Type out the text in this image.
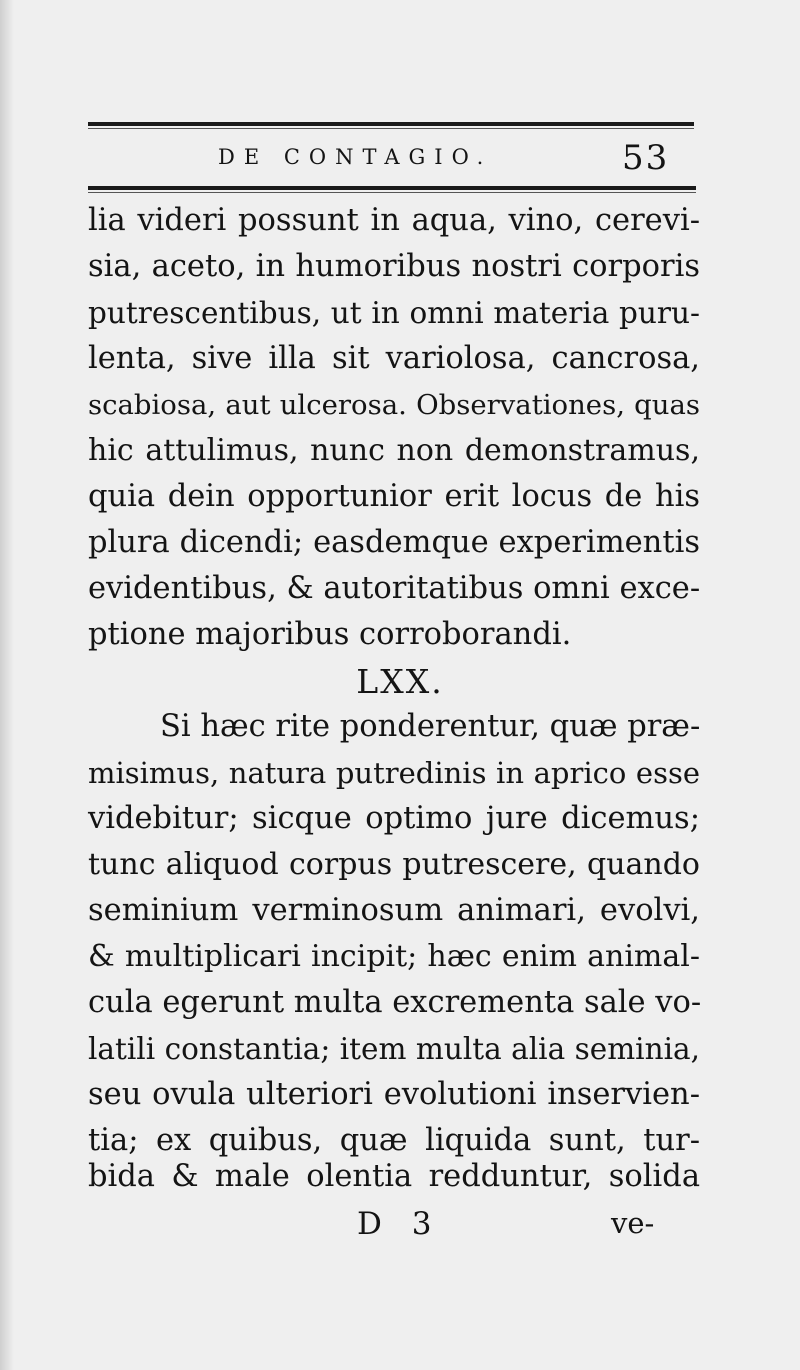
DE CONTAGIO.	53
lia videri possunt in aqua, vino, cerevi-
sia, aceto, in humoribus nostri corporis
putrescentibus, ut in omni materia puru-
lenta, sive illa sit variolosa, cancrosa,
scabiosa, aut ulcerosa. Observationes, quas
hic attulimus, nunc non demonstramus,
quia dein opportunior erit locus de his
plura dicendi; easdemque experimentis
evidentibus, & autoritatibus omni exce-
ptione majoribus corroborandi.
LXX.
Si hæc rite ponderentur, quæ præ-
misimus, natura putredinis in aprico esse
videbitur; sicque optimo jure dicemus;
tunc aliquod corpus putrescere, quando
seminium verminosum animari, evolvi,
& multiplicari incipit; hæc enim animal-
cula egerunt multa excrementa sale vo-
latili constantia; item multa alia seminia,
seu ovula ulteriori evolutioni inservien-
tia; ex quibus, quæ liquida sunt, tur-
bida & male olentia redduntur, solida
D 3	ve-
